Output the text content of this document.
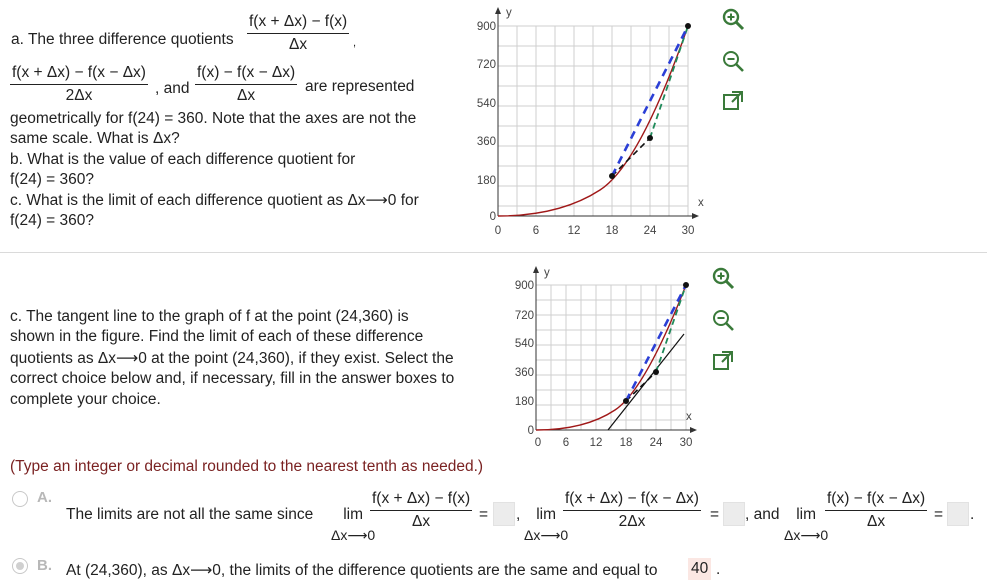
a. The three difference quotients $\frac{f(x + \Delta x) - f(x)}{\Delta x}$ ,
$\frac{f(x + \Delta x) - f(x - \Delta x)}{2\Delta x}$ , and $\frac{f(x) - f(x - \Delta x)}{\Delta x}$ are represented
geometrically for f(24) = 360. Note that the axes are not the
same scale. What is Δx?
b. What is the value of each difference quotient for
f(24) = 360?
c. What is the limit of each difference quotient as Δx⟶0 for
f(24) = 360?
y
x
900
720
540
360
180
0
0	6 12 18 24 30
c. The tangent line to the graph of f at the point (24,360) is
shown in the figure. Find the limit of each of these difference
quotients as Δx⟶0 at the point (24,360), if they exist. Select the
correct choice below and, if necessary, fill in the answer boxes to
complete your choice.
y
x
900
720
540
360
180
0
0 6 12 18 24 30
(Type an integer or decimal rounded to the nearest tenth as needed.)
A.
The limits are not all the same since	lim
Δx⟶0
$\frac{f(x + \Delta x) - f(x)}{\Delta x}$ = ,	lim
Δx⟶0
$\frac{f(x + \Delta x) - f(x - \Delta x)}{2\Delta x}$ = , and	lim
Δx⟶0
$\frac{f(x) - f(x - \Delta x)}{\Delta x}$ = .
B. At (24,360), as Δx⟶0, the limits of the difference quotients are the same and equal to 40 .
